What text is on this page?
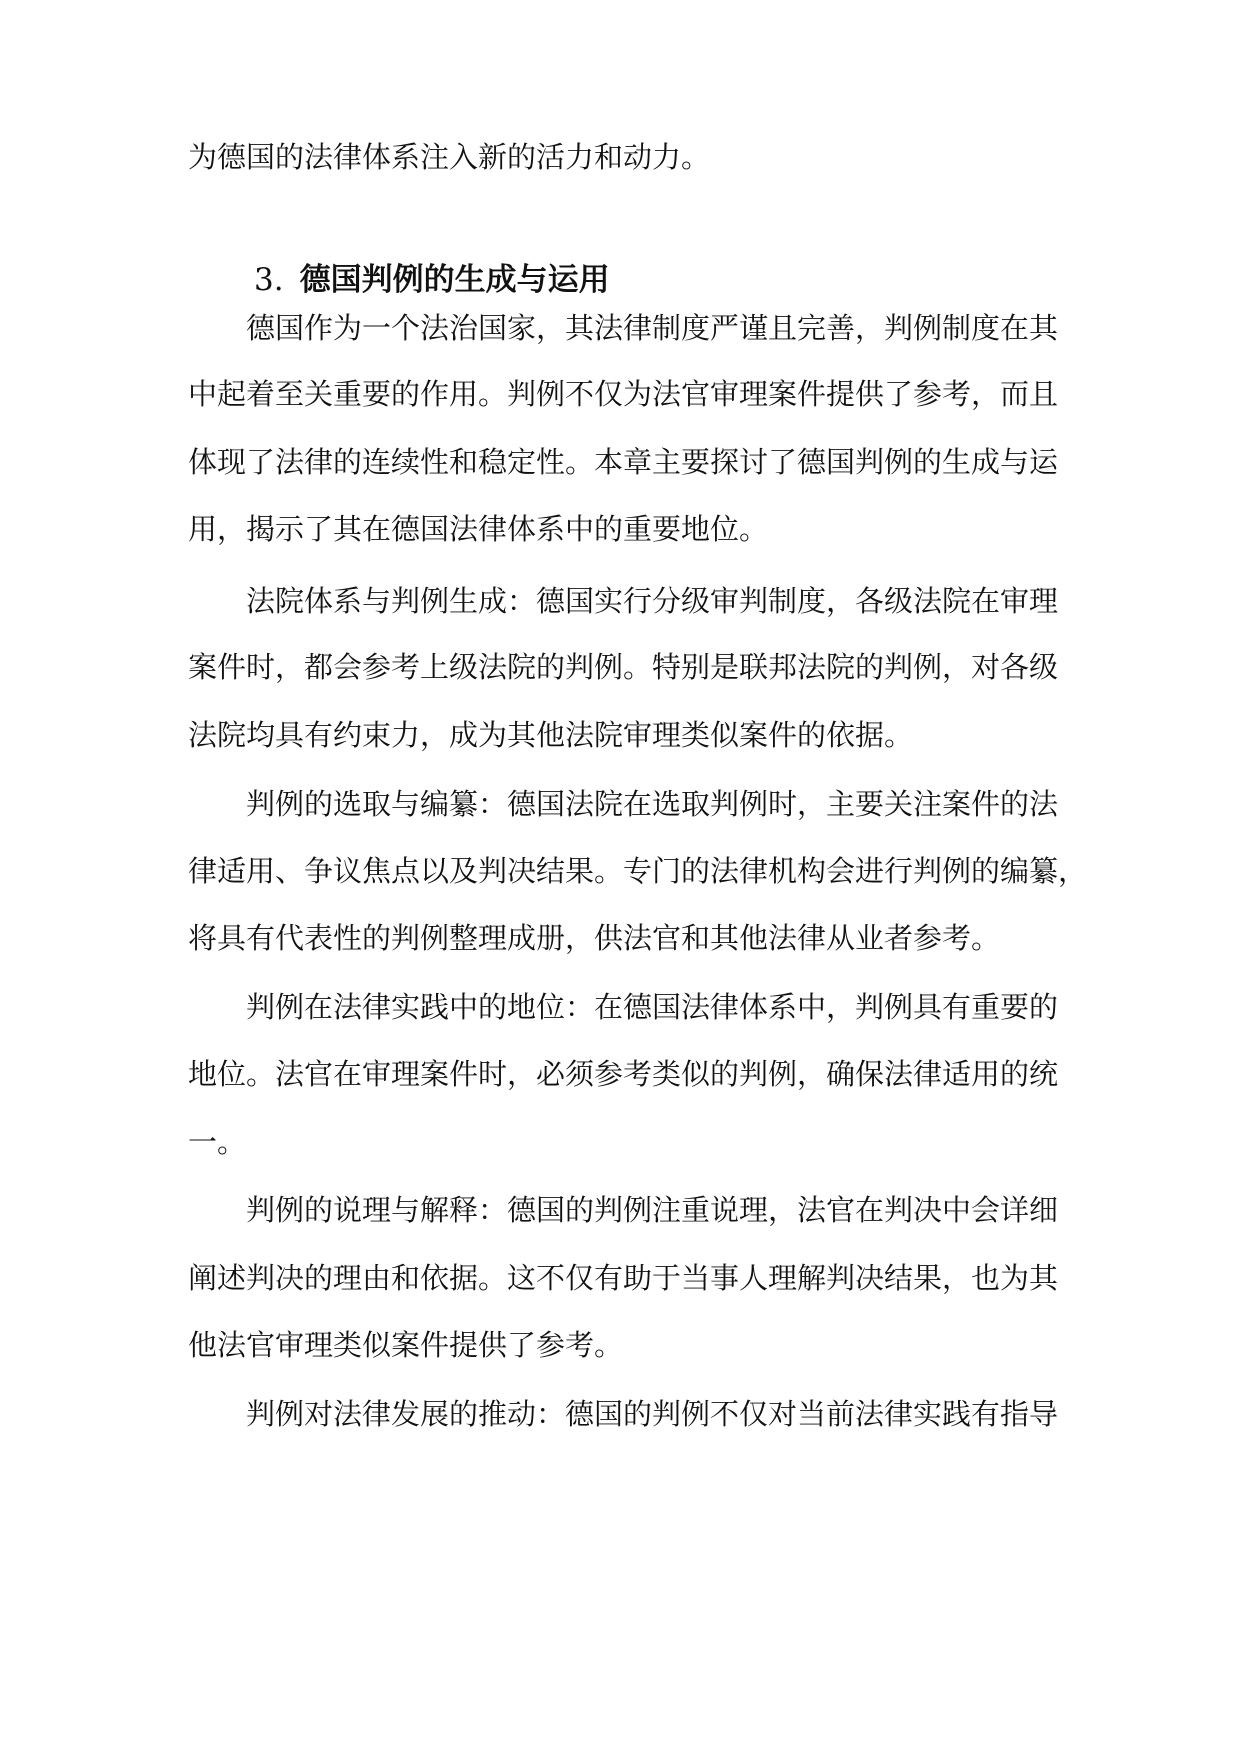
为德国的法律体系注入新的活力和动力。
3. 德国判例的生成与运用
德国作为一个法治国家，其法律制度严谨且完善，判例制度在其
中起着至关重要的作用。判例不仅为法官审理案件提供了参考，而且
体现了法律的连续性和稳定性。本章主要探讨了德国判例的生成与运
用，揭示了其在德国法律体系中的重要地位。
法院体系与判例生成：德国实行分级审判制度，各级法院在审理
案件时，都会参考上级法院的判例。特别是联邦法院的判例，对各级
法院均具有约束力，成为其他法院审理类似案件的依据。
判例的选取与编纂：德国法院在选取判例时，主要关注案件的法
律适用、争议焦点以及判决结果。专门的法律机构会进行判例的编纂，
将具有代表性的判例整理成册，供法官和其他法律从业者参考。
判例在法律实践中的地位：在德国法律体系中，判例具有重要的
地位。法官在审理案件时，必须参考类似的判例，确保法律适用的统
一。
判例的说理与解释：德国的判例注重说理，法官在判决中会详细
阐述判决的理由和依据。这不仅有助于当事人理解判决结果，也为其
他法官审理类似案件提供了参考。
判例对法律发展的推动：德国的判例不仅对当前法律实践有指导
